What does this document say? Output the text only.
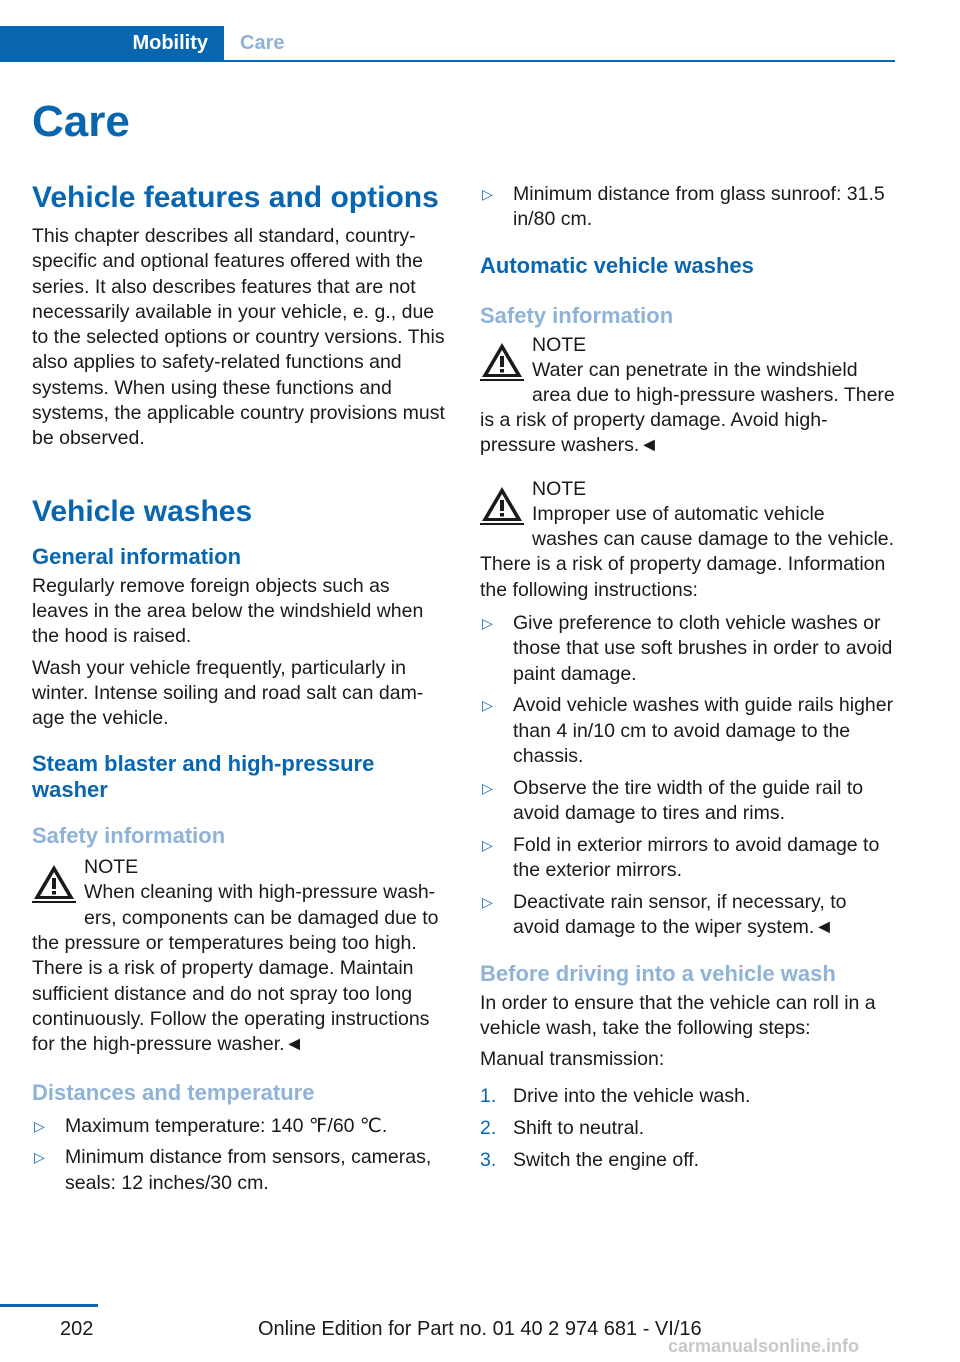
Mobility	Care
Care
Vehicle features and options

This chapter describes all standard, country-specific and optional features offered with the series. It also describes features that are not necessarily available in your vehicle, e. g., due to the selected options or country versions. This also applies to safety-related functions and systems. When using these functions and systems, the applicable country provisions must be observed.

Vehicle washes
General information

Regularly remove foreign objects such as leaves in the area below the windshield when the hood is raised.

Wash your vehicle frequently, particularly in winter. Intense soiling and road salt can dam-age the vehicle.

Steam blaster and high-pressure washer
Safety information
NOTE
When cleaning with high-pressure wash-ers, components can be damaged due to the pressure or temperatures being too high. There is a risk of property damage. Maintain sufficient distance and do not spray too long continuously. Follow the operating instructions for the high-pressure washer.◄
Distances and temperature
▷ Maximum temperature: 140 ℉/60 ℃.
▷ Minimum distance from sensors, cameras, seals: 12 inches/30 cm.
▷ Minimum distance from glass sunroof: 31.5 in/80 cm.
Automatic vehicle washes
Safety information
NOTE
Water can penetrate in the windshield area due to high-pressure washers. There is a risk of property damage. Avoid high-pressure washers.◄
NOTE
Improper use of automatic vehicle washes can cause damage to the vehicle. There is a risk of property damage. Information the following instructions:
▷ Give preference to cloth vehicle washes or those that use soft brushes in order to avoid paint damage.
▷ Avoid vehicle washes with guide rails higher than 4 in/10 cm to avoid damage to the chassis.
▷ Observe the tire width of the guide rail to avoid damage to tires and rims.
▷ Fold in exterior mirrors to avoid damage to the exterior mirrors.
▷ Deactivate rain sensor, if necessary, to avoid damage to the wiper system.◄
Before driving into a vehicle wash

In order to ensure that the vehicle can roll in a vehicle wash, take the following steps:

Manual transmission:

1. Drive into the vehicle wash.
2. Shift to neutral.
3. Switch the engine off.
202	Online Edition for Part no. 01 40 2 974 681 - VI/16
carmanualsonline.info
